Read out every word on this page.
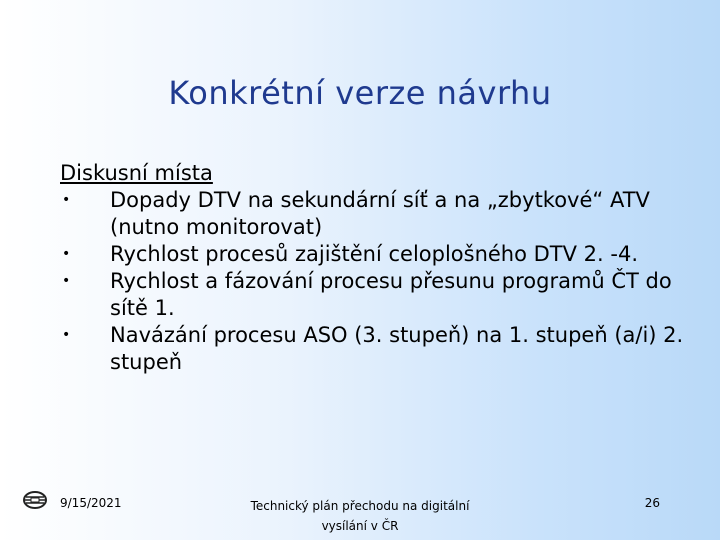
Konkrétní verze návrhu
Diskusní místa
• Dopady DTV na sekundární síť a na „zbytkové“ ATV (nutno monitorovat)
• Rychlost procesů zajištění celoplošného DTV 2. -4.
• Rychlost a fázování procesu přesunu programů ČT do sítě 1.
• Navázání procesu ASO (3. stupeň) na 1. stupeň (a/i) 2. stupeň
9/15/2021	Technický plán přechodu na digitální
vysílání v ČR
26
